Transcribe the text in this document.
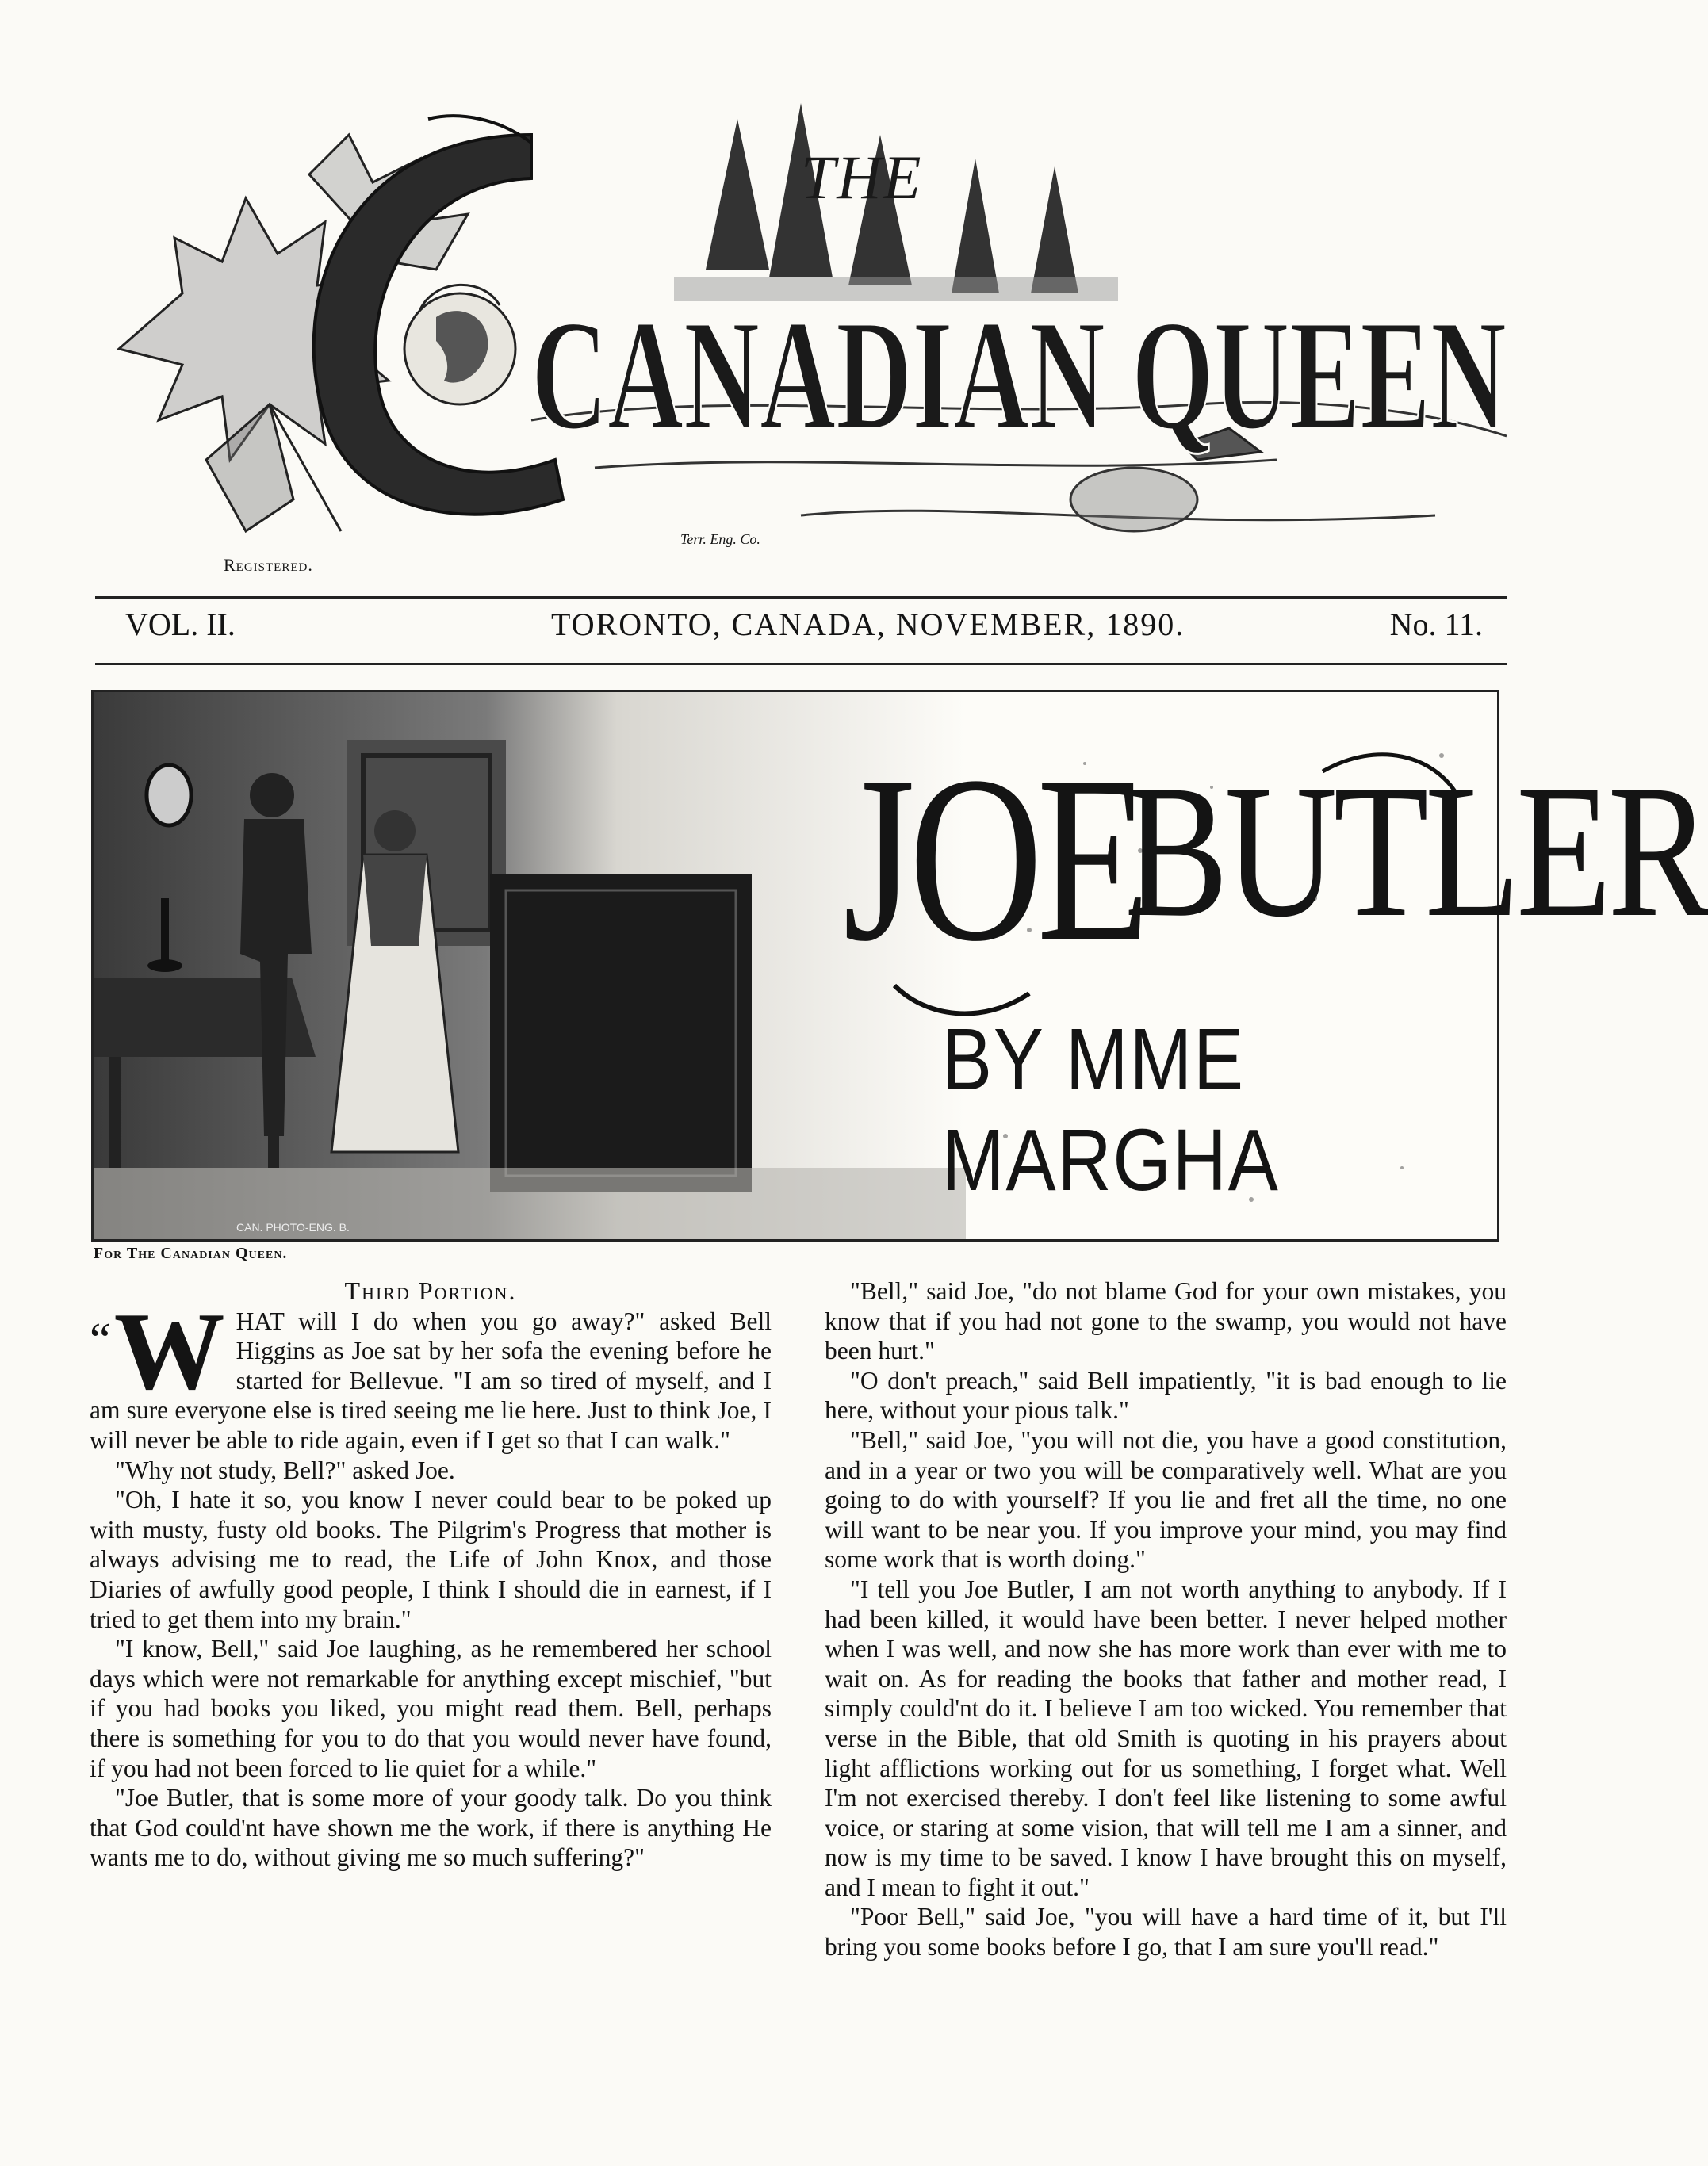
THE
CANADIAN QUEEN
Registered.
Terr. Eng. Co.
VOL. II.	TORONTO, CANADA, NOVEMBER, 1890.	No. 11.
CAN. PHOTO-ENG. B.
JOE
BUTLER
BY MME MARGHA
For The Canadian Queen.

Third Portion.

“ W HAT will I do when you go away?" asked Bell Higgins as Joe sat by her sofa the evening before he started for Bellevue. "I am so tired of myself, and I am sure everyone else is tired seeing me lie here. Just to think Joe, I will never be able to ride again, even if I get so that I can walk."

"Why not study, Bell?" asked Joe.

"Oh, I hate it so, you know I never could bear to be poked up with musty, fusty old books. The Pilgrim's Progress that mother is always advising me to read, the Life of John Knox, and those Diaries of awfully good people, I think I should die in earnest, if I tried to get them into my brain."

"I know, Bell," said Joe laughing, as he remembered her school days which were not remarkable for anything except mischief, "but if you had books you liked, you might read them. Bell, perhaps there is something for you to do that you would never have found, if you had not been forced to lie quiet for a while."

"Joe Butler, that is some more of your goody talk. Do you think that God could'nt have shown me the work, if there is anything He wants me to do, without giving me so much suffering?"

"Bell," said Joe, "do not blame God for your own mistakes, you know that if you had not gone to the swamp, you would not have been hurt."

"O don't preach," said Bell impatiently, "it is bad enough to lie here, without your pious talk."

"Bell," said Joe, "you will not die, you have a good constitution, and in a year or two you will be comparatively well. What are you going to do with yourself? If you lie and fret all the time, no one will want to be near you. If you improve your mind, you may find some work that is worth doing."

"I tell you Joe Butler, I am not worth anything to anybody. If I had been killed, it would have been better. I never helped mother when I was well, and now she has more work than ever with me to wait on. As for reading the books that father and mother read, I simply could'nt do it. I believe I am too wicked. You remember that verse in the Bible, that old Smith is quoting in his prayers about light afflictions working out for us something, I forget what. Well I'm not exercised thereby. I don't feel like listening to some awful voice, or staring at some vision, that will tell me I am a sinner, and now is my time to be saved. I know I have brought this on myself, and I mean to fight it out."

"Poor Bell," said Joe, "you will have a hard time of it, but I'll bring you some books before I go, that I am sure you'll read."
